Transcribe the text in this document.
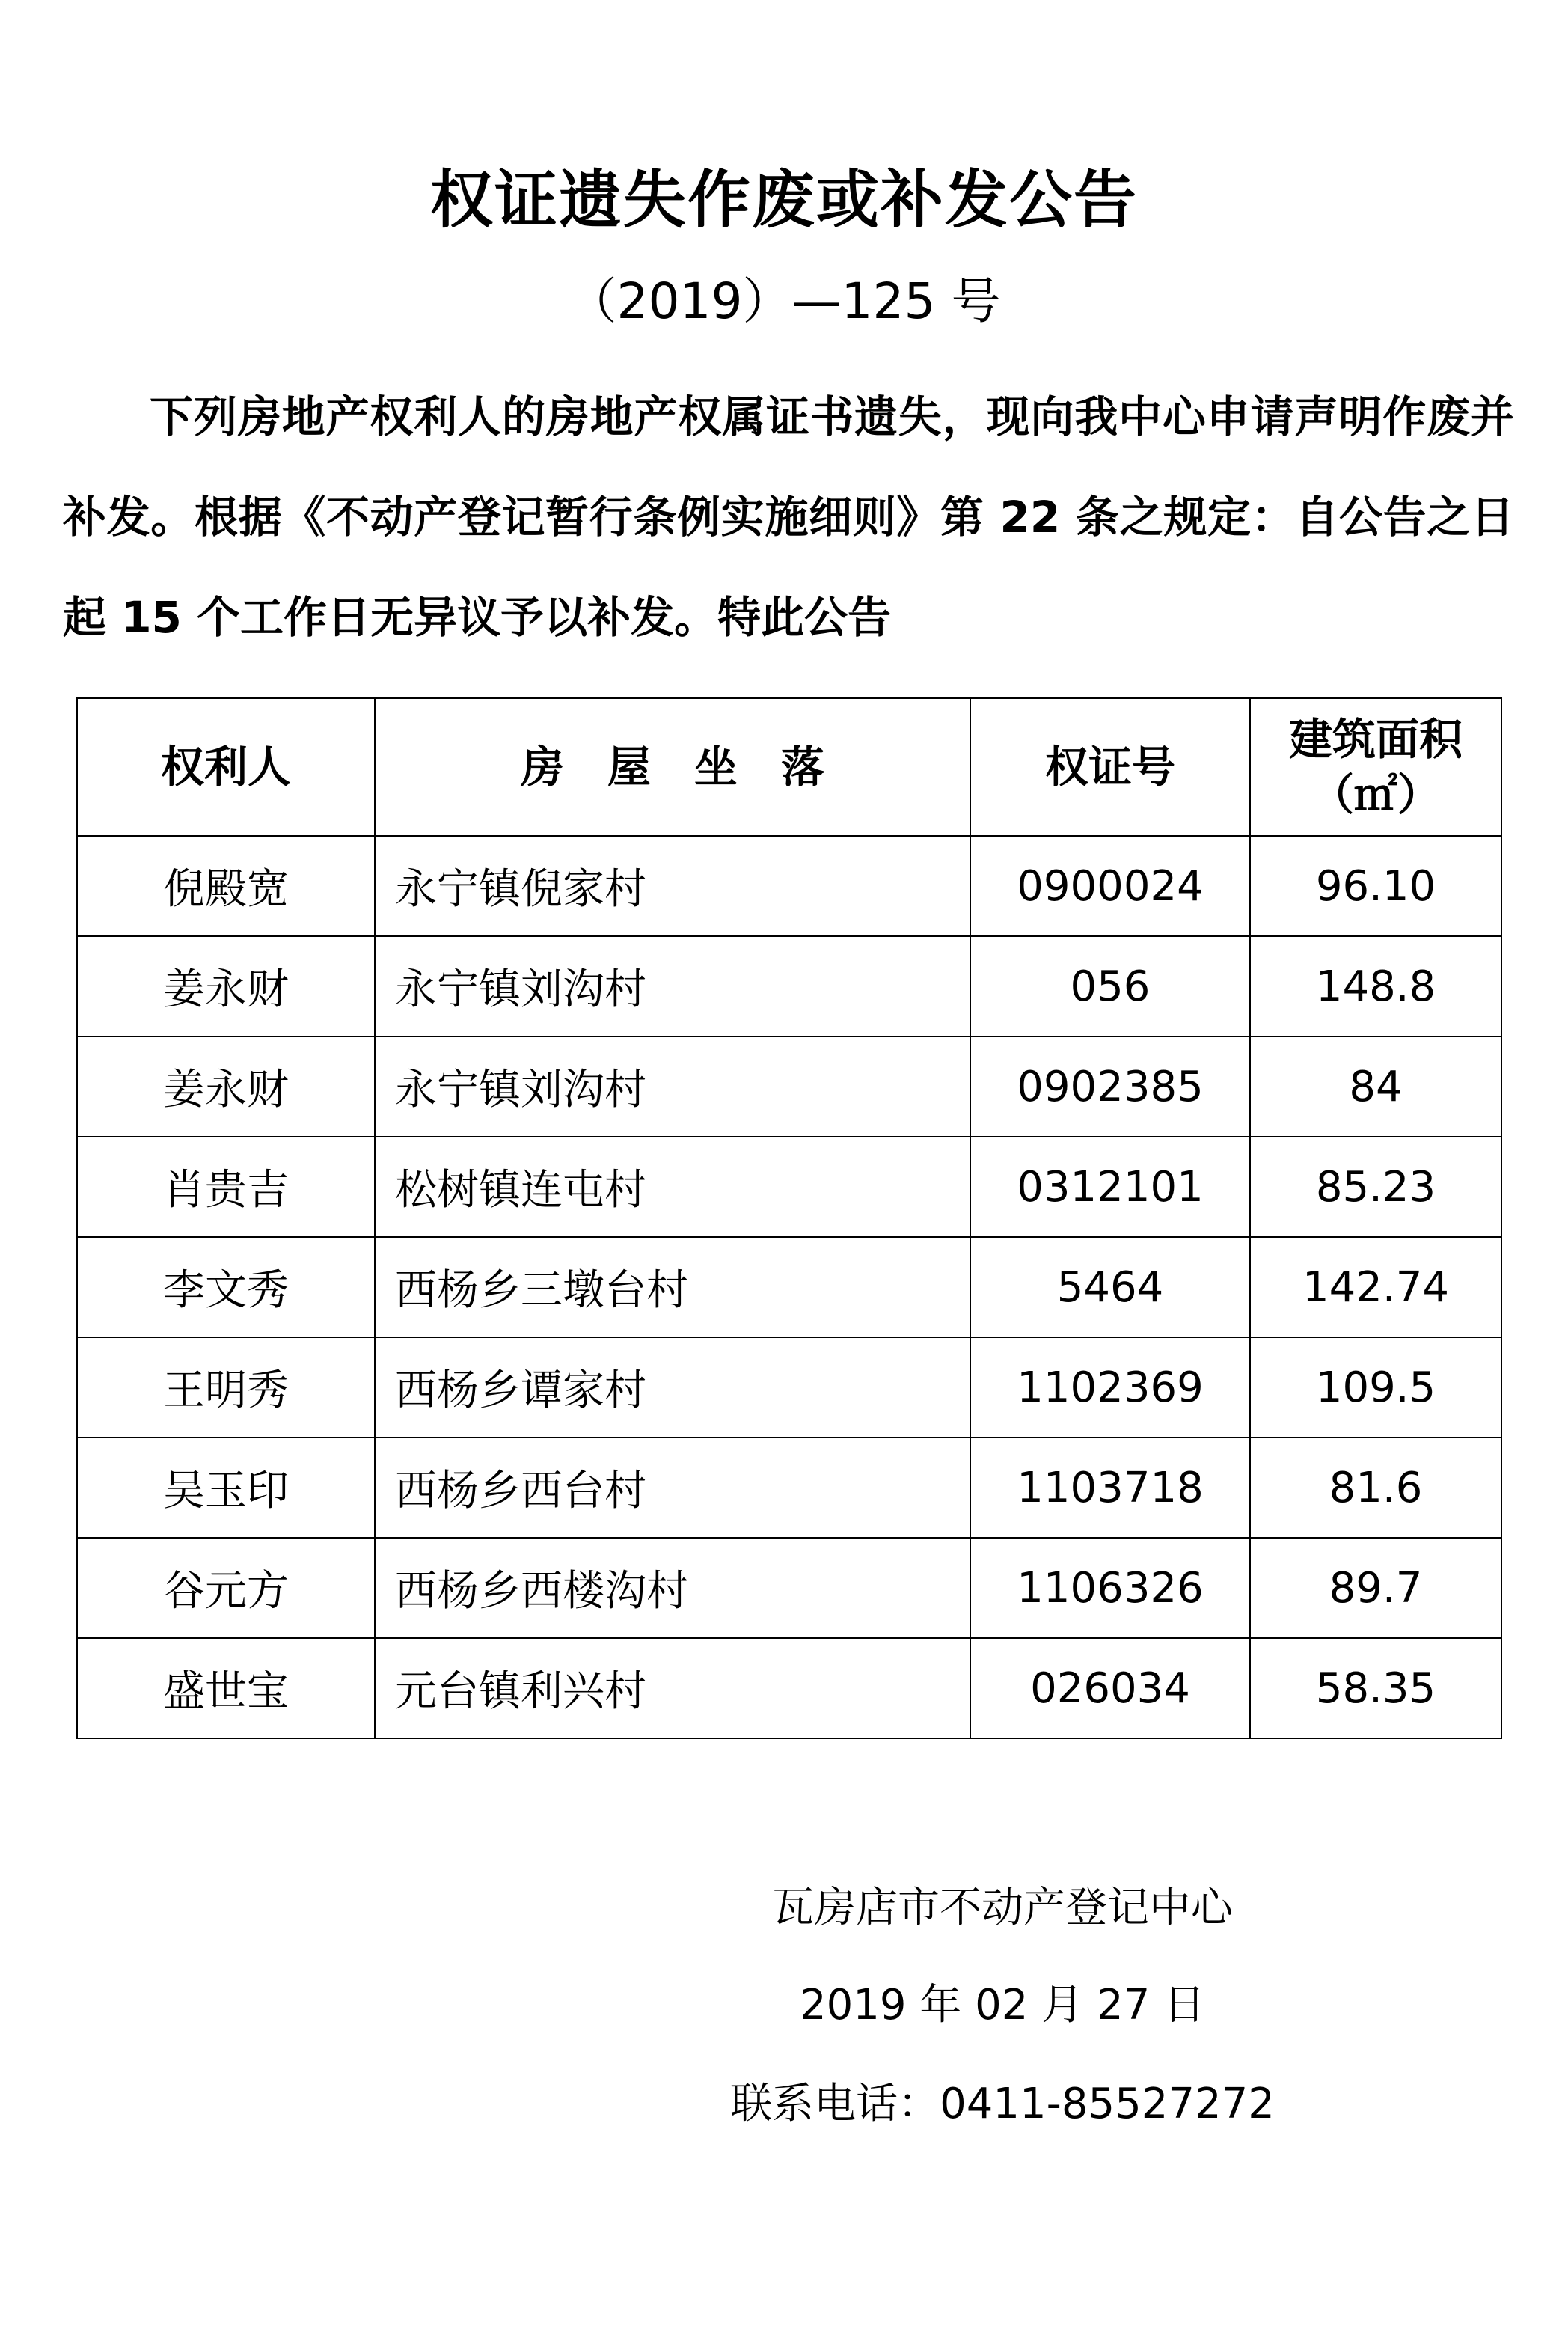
权证遗失作废或补发公告
（2019）—125 号
下列房地产权利人的房地产权属证书遗失，现向我中心申请声明作废并补发。根据《不动产登记暂行条例实施细则》第 22 条之规定：自公告之日起 15 个工作日无异议予以补发。特此公告
权利人	房　屋　坐　落	权证号	建筑面积
（㎡）

倪殿宽	永宁镇倪家村	0900024	96.10
姜永财	永宁镇刘沟村	056	148.8
姜永财	永宁镇刘沟村	0902385	84
肖贵吉	松树镇连屯村	0312101	85.23
李文秀	西杨乡三墩台村	5464	142.74
王明秀	西杨乡谭家村	1102369	109.5
吴玉印	西杨乡西台村	1103718	81.6
谷元方	西杨乡西楼沟村	1106326	89.7
盛世宝	元台镇利兴村	026034	58.35
瓦房店市不动产登记中心
2019 年 02 月 27 日
联系电话：0411-85527272
